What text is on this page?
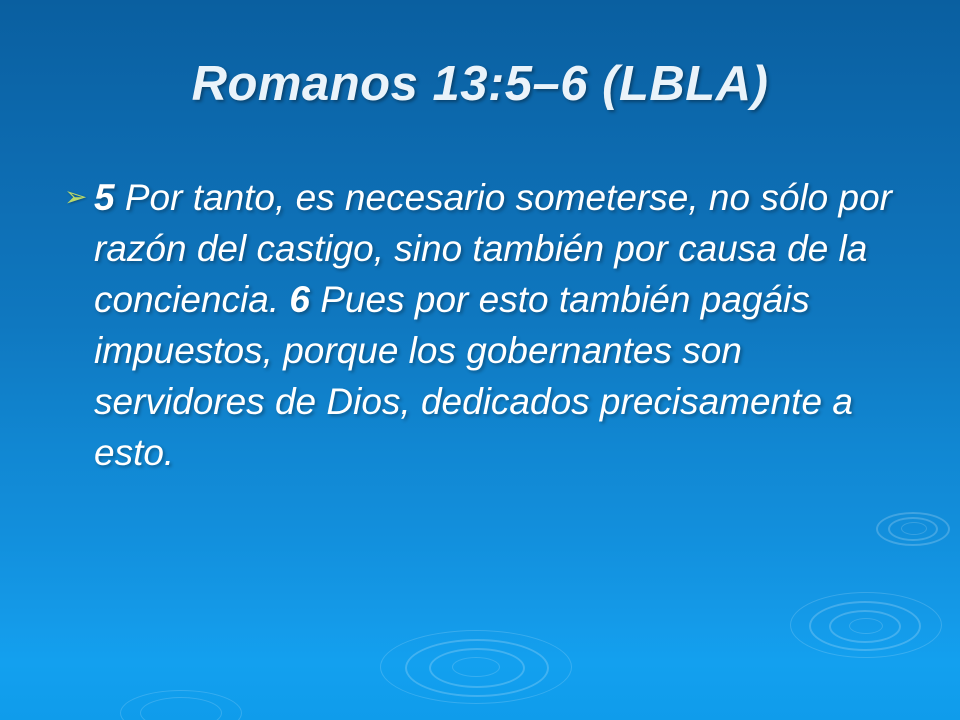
Romanos 13:5–6 (LBLA)
➢ 5 Por tanto, es necesario someterse, no sólo por razón del castigo, sino también por causa de la conciencia. 6 Pues por esto también pagáis impuestos, porque los gobernantes son servidores de Dios, dedicados precisamente a esto.
